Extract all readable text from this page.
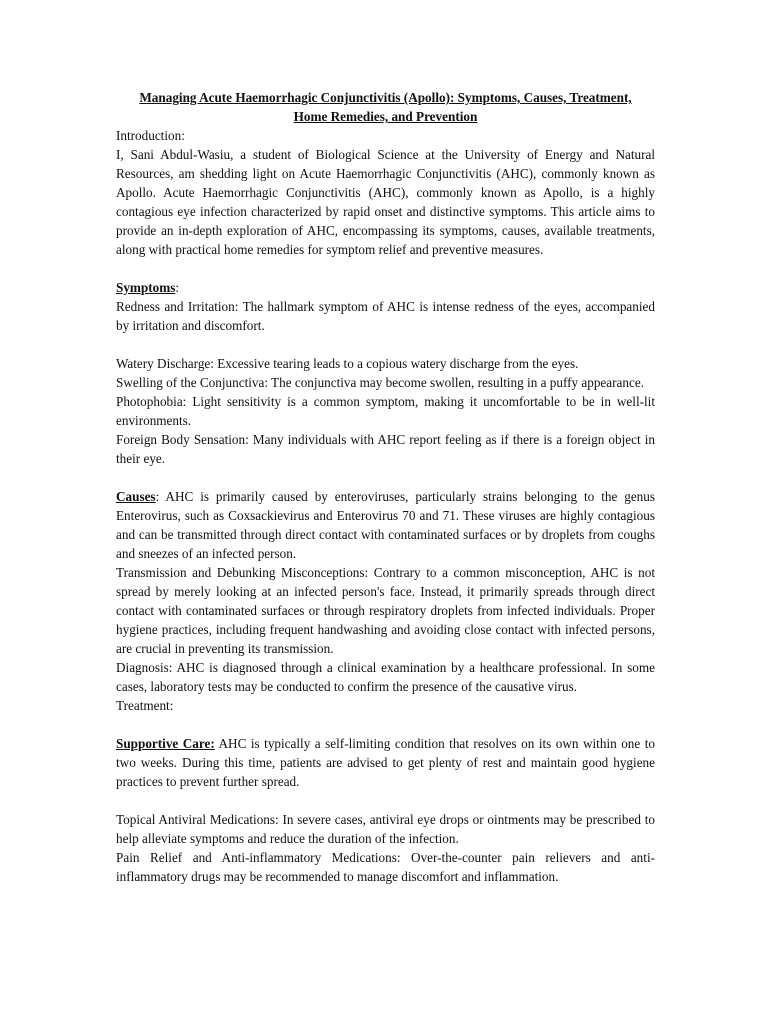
Managing Acute Haemorrhagic Conjunctivitis (Apollo): Symptoms, Causes, Treatment,
Home Remedies, and Prevention

Introduction:

I, Sani Abdul-Wasiu, a student of Biological Science at the University of Energy and Natural Resources, am shedding light on Acute Haemorrhagic Conjunctivitis (AHC), commonly known as Apollo. Acute Haemorrhagic Conjunctivitis (AHC), commonly known as Apollo, is a highly contagious eye infection characterized by rapid onset and distinctive symptoms. This article aims to provide an in-depth exploration of AHC, encompassing its symptoms, causes, available treatments, along with practical home remedies for symptom relief and preventive measures.

Symptoms:

Redness and Irritation: The hallmark symptom of AHC is intense redness of the eyes, accompanied by irritation and discomfort.

Watery Discharge: Excessive tearing leads to a copious watery discharge from the eyes.

Swelling of the Conjunctiva: The conjunctiva may become swollen, resulting in a puffy appearance.

Photophobia: Light sensitivity is a common symptom, making it uncomfortable to be in well-lit environments.

Foreign Body Sensation: Many individuals with AHC report feeling as if there is a foreign object in their eye.

Causes: AHC is primarily caused by enteroviruses, particularly strains belonging to the genus Enterovirus, such as Coxsackievirus and Enterovirus 70 and 71. These viruses are highly contagious and can be transmitted through direct contact with contaminated surfaces or by droplets from coughs and sneezes of an infected person.

Transmission and Debunking Misconceptions: Contrary to a common misconception, AHC is not spread by merely looking at an infected person's face. Instead, it primarily spreads through direct contact with contaminated surfaces or through respiratory droplets from infected individuals. Proper hygiene practices, including frequent handwashing and avoiding close contact with infected persons, are crucial in preventing its transmission.

Diagnosis: AHC is diagnosed through a clinical examination by a healthcare professional. In some cases, laboratory tests may be conducted to confirm the presence of the causative virus.

Treatment:

Supportive Care: AHC is typically a self-limiting condition that resolves on its own within one to two weeks. During this time, patients are advised to get plenty of rest and maintain good hygiene practices to prevent further spread.

Topical Antiviral Medications: In severe cases, antiviral eye drops or ointments may be prescribed to help alleviate symptoms and reduce the duration of the infection.

Pain Relief and Anti-inflammatory Medications: Over-the-counter pain relievers and anti-inflammatory drugs may be recommended to manage discomfort and inflammation.
